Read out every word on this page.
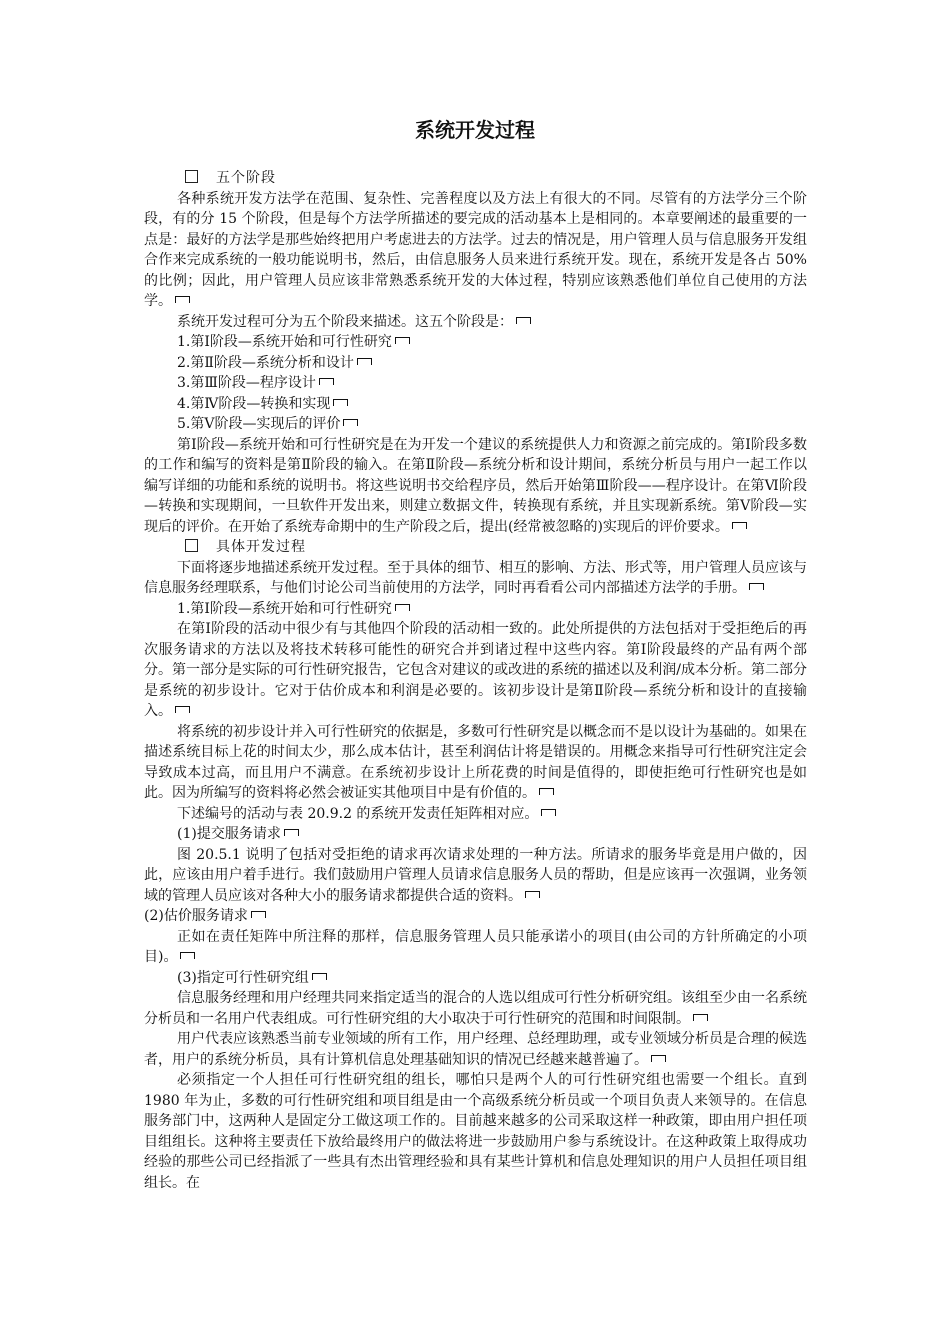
系统开发过程

五个阶段

各种系统开发方法学在范围、复杂性、完善程度以及方法上有很大的不同。尽管有的方法学分三个阶段，有的分 15 个阶段，但是每个方法学所描述的要完成的活动基本上是相同的。本章要阐述的最重要的一点是：最好的方法学是那些始终把用户考虑进去的方法学。过去的情况是，用户管理人员与信息服务开发组合作来完成系统的一般功能说明书，然后，由信息服务人员来进行系统开发。现在，系统开发是各占 50%的比例；因此，用户管理人员应该非常熟悉系统开发的大体过程，特别应该熟悉他们单位自己使用的方法学。

系统开发过程可分为五个阶段来描述。这五个阶段是：

1.第Ⅰ阶段—系统开始和可行性研究

2.第Ⅱ阶段—系统分析和设计

3.第Ⅲ阶段—程序设计

4.第Ⅳ阶段—转换和实现

5.第Ⅴ阶段—实现后的评价

第Ⅰ阶段—系统开始和可行性研究是在为开发一个建议的系统提供人力和资源之前完成的。第Ⅰ阶段多数的工作和编写的资料是第Ⅱ阶段的输入。在第Ⅱ阶段—系统分析和设计期间，系统分析员与用户一起工作以编写详细的功能和系统的说明书。将这些说明书交给程序员，然后开始第Ⅲ阶段——程序设计。在第Ⅵ阶段—转换和实现期间，一旦软件开发出来，则建立数据文件，转换现有系统，并且实现新系统。第Ⅴ阶段—实现后的评价。在开始了系统寿命期中的生产阶段之后，提出(经常被忽略的)实现后的评价要求。

具体开发过程

下面将逐步地描述系统开发过程。至于具体的细节、相互的影响、方法、形式等，用户管理人员应该与信息服务经理联系，与他们讨论公司当前使用的方法学，同时再看看公司内部描述方法学的手册。

1.第Ⅰ阶段—系统开始和可行性研究

在第Ⅰ阶段的活动中很少有与其他四个阶段的活动相一致的。此处所提供的方法包括对于受拒绝后的再次服务请求的方法以及将技术转移可能性的研究合并到诸过程中这些内容。第Ⅰ阶段最终的产品有两个部分。第一部分是实际的可行性研究报告，它包含对建议的或改进的系统的描述以及利润/成本分析。第二部分是系统的初步设计。它对于估价成本和利润是必要的。该初步设计是第Ⅱ阶段—系统分析和设计的直接输入。

将系统的初步设计并入可行性研究的依据是，多数可行性研究是以概念而不是以设计为基础的。如果在描述系统目标上花的时间太少，那么成本估计，甚至利润估计将是错误的。用概念来指导可行性研究注定会导致成本过高，而且用户不满意。在系统初步设计上所花费的时间是值得的，即使拒绝可行性研究也是如此。因为所编写的资料将必然会被证实其他项目中是有价值的。

下述编号的活动与表 20.9.2 的系统开发责任矩阵相对应。

(1)提交服务请求

图 20.5.1 说明了包括对受拒绝的请求再次请求处理的一种方法。所请求的服务毕竟是用户做的，因此，应该由用户着手进行。我们鼓励用户管理人员请求信息服务人员的帮助，但是应该再一次强调，业务领域的管理人员应该对各种大小的服务请求都提供合适的资料。

(2)估价服务请求

正如在责任矩阵中所注释的那样，信息服务管理人员只能承诺小的项目(由公司的方针所确定的小项目)。

(3)指定可行性研究组

信息服务经理和用户经理共同来指定适当的混合的人选以组成可行性分析研究组。该组至少由一名系统分析员和一名用户代表组成。可行性研究组的大小取决于可行性研究的范围和时间限制。

用户代表应该熟悉当前专业领域的所有工作，用户经理、总经理助理，或专业领域分析员是合理的候选者，用户的系统分析员，具有计算机信息处理基础知识的情况已经越来越普遍了。

必须指定一个人担任可行性研究组的组长，哪怕只是两个人的可行性研究组也需要一个组长。直到 1980 年为止，多数的可行性研究组和项目组是由一个高级系统分析员或一个项目负责人来领导的。在信息服务部门中，这两种人是固定分工做这项工作的。目前越来越多的公司采取这样一种政策，即由用户担任项目组组长。这种将主要责任下放给最终用户的做法将进一步鼓励用户参与系统设计。在这种政策上取得成功经验的那些公司已经指派了一些具有杰出管理经验和具有某些计算机和信息处理知识的用户人员担任项目组组长。在
